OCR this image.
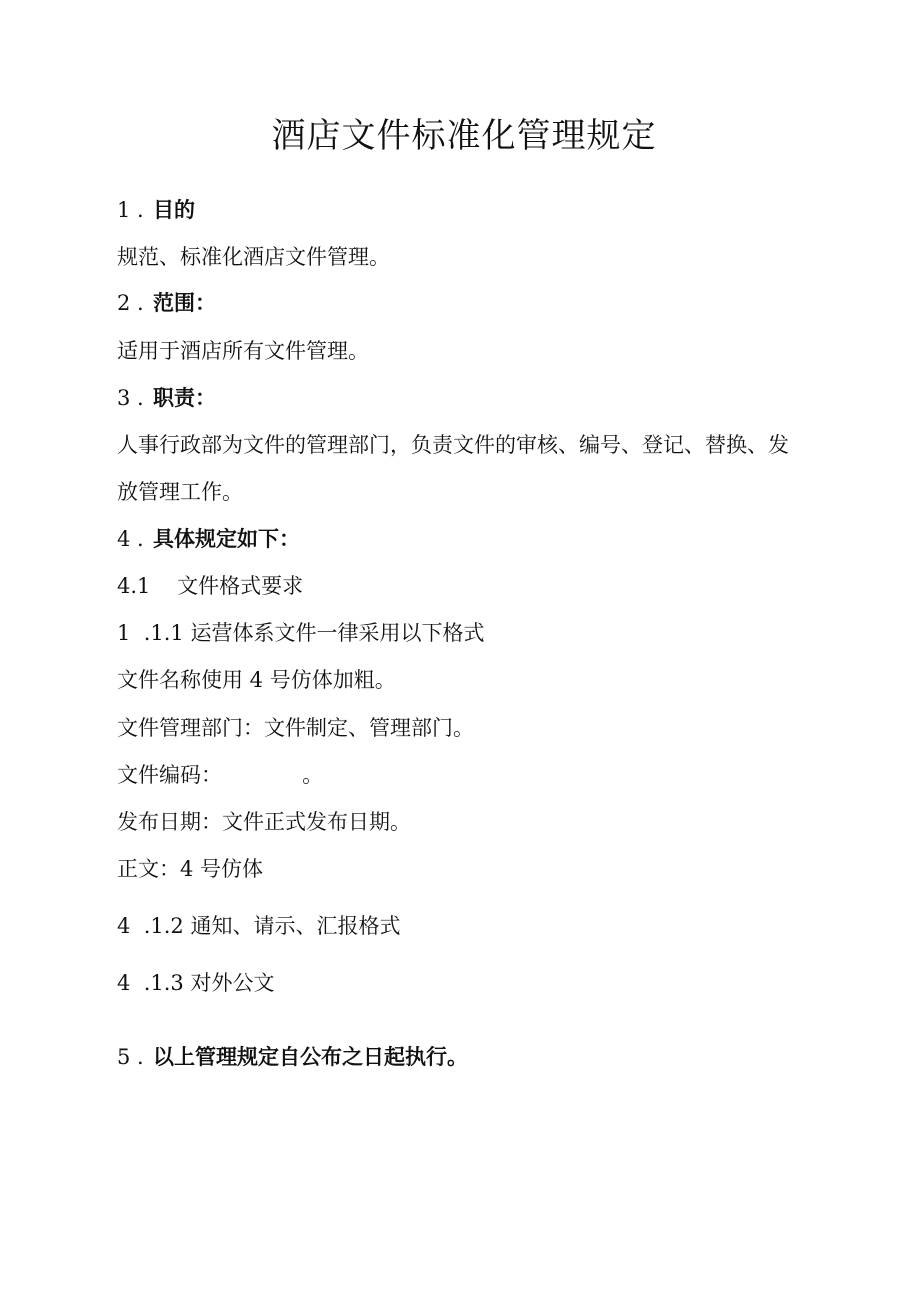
酒店文件标准化管理规定
1 . 目的
规范、标准化酒店文件管理。
2 . 范围：
适用于酒店所有文件管理。
3 . 职责：
人事行政部为文件的管理部门，负责文件的审核、编号、登记、替换、发
放管理工作。
4 . 具体规定如下：
4.1    文件格式要求
1  .1.1 运营体系文件一律采用以下格式
文件名称使用 4 号仿体加粗。
文件管理部门：文件制定、管理部门。
文件编码：            。
发布日期：文件正式发布日期。
正文：4 号仿体
4  .1.2 通知、请示、汇报格式
4  .1.3 对外公文
5 . 以上管理规定自公布之日起执行。
